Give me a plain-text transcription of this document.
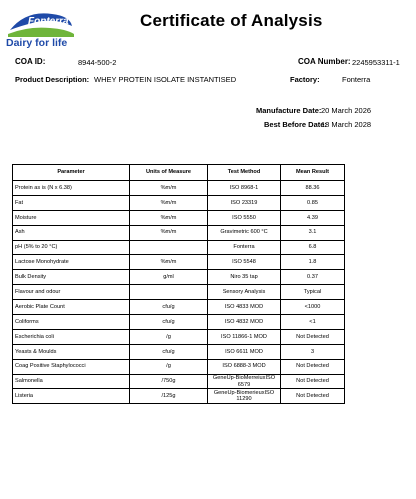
Fonterra
Dairy for life
Certificate of Analysis
COA ID:	8944-500-2	COA Number: 2245953311-1
Product Description: WHEY PROTEIN ISOLATE INSTANTISED	Factory:	Fonterra
Manufacture Date: 20 March 2026
Best Before Date:
18 March 2028
Parameter	Units of Measure	Test Method	Mean Result
Protein as is (N x 6.38)	%m/m	ISO 8968-1	88.36
Fat	%m/m	ISO 23319	0.85
Moisture	%m/m	ISO 5550	4.39
Ash	%m/m	Gravimetric 600 °C	3.1
pH (5% to 20 °C)		Fonterra	6.8
Lactose Monohydrate	%m/m	ISO 5548	1.8
Bulk Density	g/ml	Niro 35 tap	0.37
Flavour and odour		Sensory Analysis	Typical
Aerobic Plate Count	cfu/g	ISO 4833 MOD	<1000
Coliforms	cfu/g	ISO 4832 MOD	<1
Escherichia coli	/g	ISO 11866-1 MOD	Not Detected
Yeasts & Moulds	cfu/g	ISO 6611 MOD	3
Coag Positive Staphylococci	/g	ISO 6888-3 MOD	Not Detected
Salmonella	/750g	GeneUp-BioMerreiuxISO 6579	Not Detected
Listeria	/125g	GeneUp-BiomerieuxISO 11290	Not Detected
